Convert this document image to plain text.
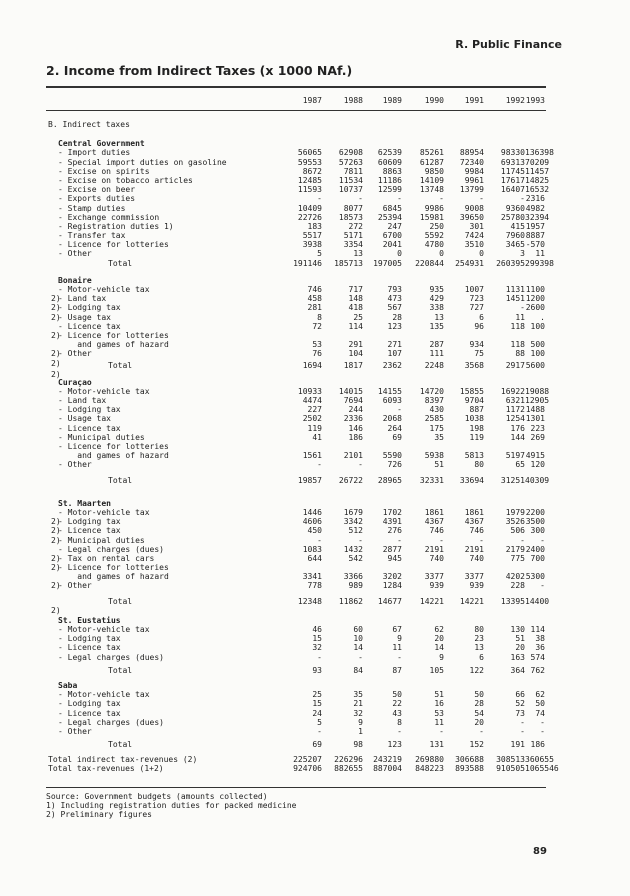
R. Public Finance
2. Income from Indirect Taxes (x 1000 NAf.)
1987	1988	1989	1990	1991	1992 1993
B. Indirect taxes
Central Government
- Import duties	56065	62908	62539	85261	88954	98330 136398
- Special import duties on gasoline	59553	57263	60609	61287	72340	69313 70209
- Excise on spirits	8672	7811	8863	9850	9984	11745 11457
- Excise on tobacco articles	12485	11534	11186	14109	9961	17617 14825
- Excise on beer	11593	10737	12599	13748	13799	16407 16532
- Exports duties	-	-	-	-	-	- 2316
- Stamp duties	10409	8077	6845	9986	9008	9360 4982
- Exchange commission	22726	18573	25394	15981	39650	25780 32394
- Registration duties 1)	183	272	247	250	301	415 1957
- Transfer tax	5517	5171	6700	5592	7424	7960 8887
- Licence for lotteries	3938	3354	2041	4780	3510	3465 -570
- Other	5	13	0	0	0	3	11
Total	191146	185713	197005	220844	254931	260395 299398
Bonaire
- Motor-vehicle tax	746	717	793	935	1007	1131 1100
2)
- Land tax	458	148	473	429	723	1451 1200
2)
- Lodging tax	281	418	567	338	727	- 2600
2)
- Usage tax	8	25	28	13	6	11	.
- Licence tax	72	114	123	135	96	118 100
2)
- Licence for lotteries
and games of hazard	53	291	271	287	934	118 500
2)
- Other	76	104	107	111	75	88 100
2)	Total	1694	1817	2362	2248	3568	2917 5600
2)
Curaçao
- Motor-vehicle tax	10933	14015	14155	14720	15855	16922 19088
- Land tax	4474	7694	6093	8397	9704	6321 12905
- Lodging tax	227	244	-	430	887	1172 1488
- Usage tax	2502	2336	2068	2585	1038	1254 1301
- Licence tax	119	146	264	175	198	176 223
- Municipal duties	41	186	69	35	119	144 269
- Licence for lotteries
and games of hazard	1561	2101	5590	5938	5813	5197 4915
- Other	-	-	726	51	80	65 120
Total	19857	26722	28965	32331	33694	31251 40309
St. Maarten
- Motor-vehicle tax	1446	1679	1702	1861	1861	1979 2200
2)
- Lodging tax	4606	3342	4391	4367	4367	3526 3500
2)
- Licence tax	450	512	276	746	746	506 300
2)
- Municipal duties	-	-	-	-	-	-	-
- Legal charges (dues)	1083	1432	2877	2191	2191	2179 2400
2)
- Tax on rental cars	644	542	945	740	740	775 700
2)
- Licence for lotteries
and games of hazard	3341	3366	3202	3377	3377	4202 5300
2)
- Other	778	989	1284	939	939	228	-
Total	12348	11862	14677	14221	14221	13395 14400
2)
St. Eustatius
- Motor-vehicle tax	46	60	67	62	80	130 114
- Lodging tax	15	10	9	20	23	51	38
- Licence tax	32	14	11	14	13	20	36
- Legal charges (dues)	-	-	-	9	6	163 574
Total	93	84	87	105	122	364 762
Saba
- Motor-vehicle tax	25	35	50	51	50	66	62
- Lodging tax	15	21	22	16	28	52	50
- Licence tax	24	32	43	53	54	73	74
- Legal charges (dues)	5	9	8	11	20	-	-
- Other	-	1	-	-	-	-	-
Total	69	98	123	131	152	191 186
Total indirect tax-revenues (2)	225207	226296	243219	269880	306688	308513 360655
Total tax-revenues (1+2)	924706	882655	887004	848223	893588	910505 1065546
Source: Government budgets (amounts collected)
1) Including registration duties for packed medicine
2) Preliminary figures
89
